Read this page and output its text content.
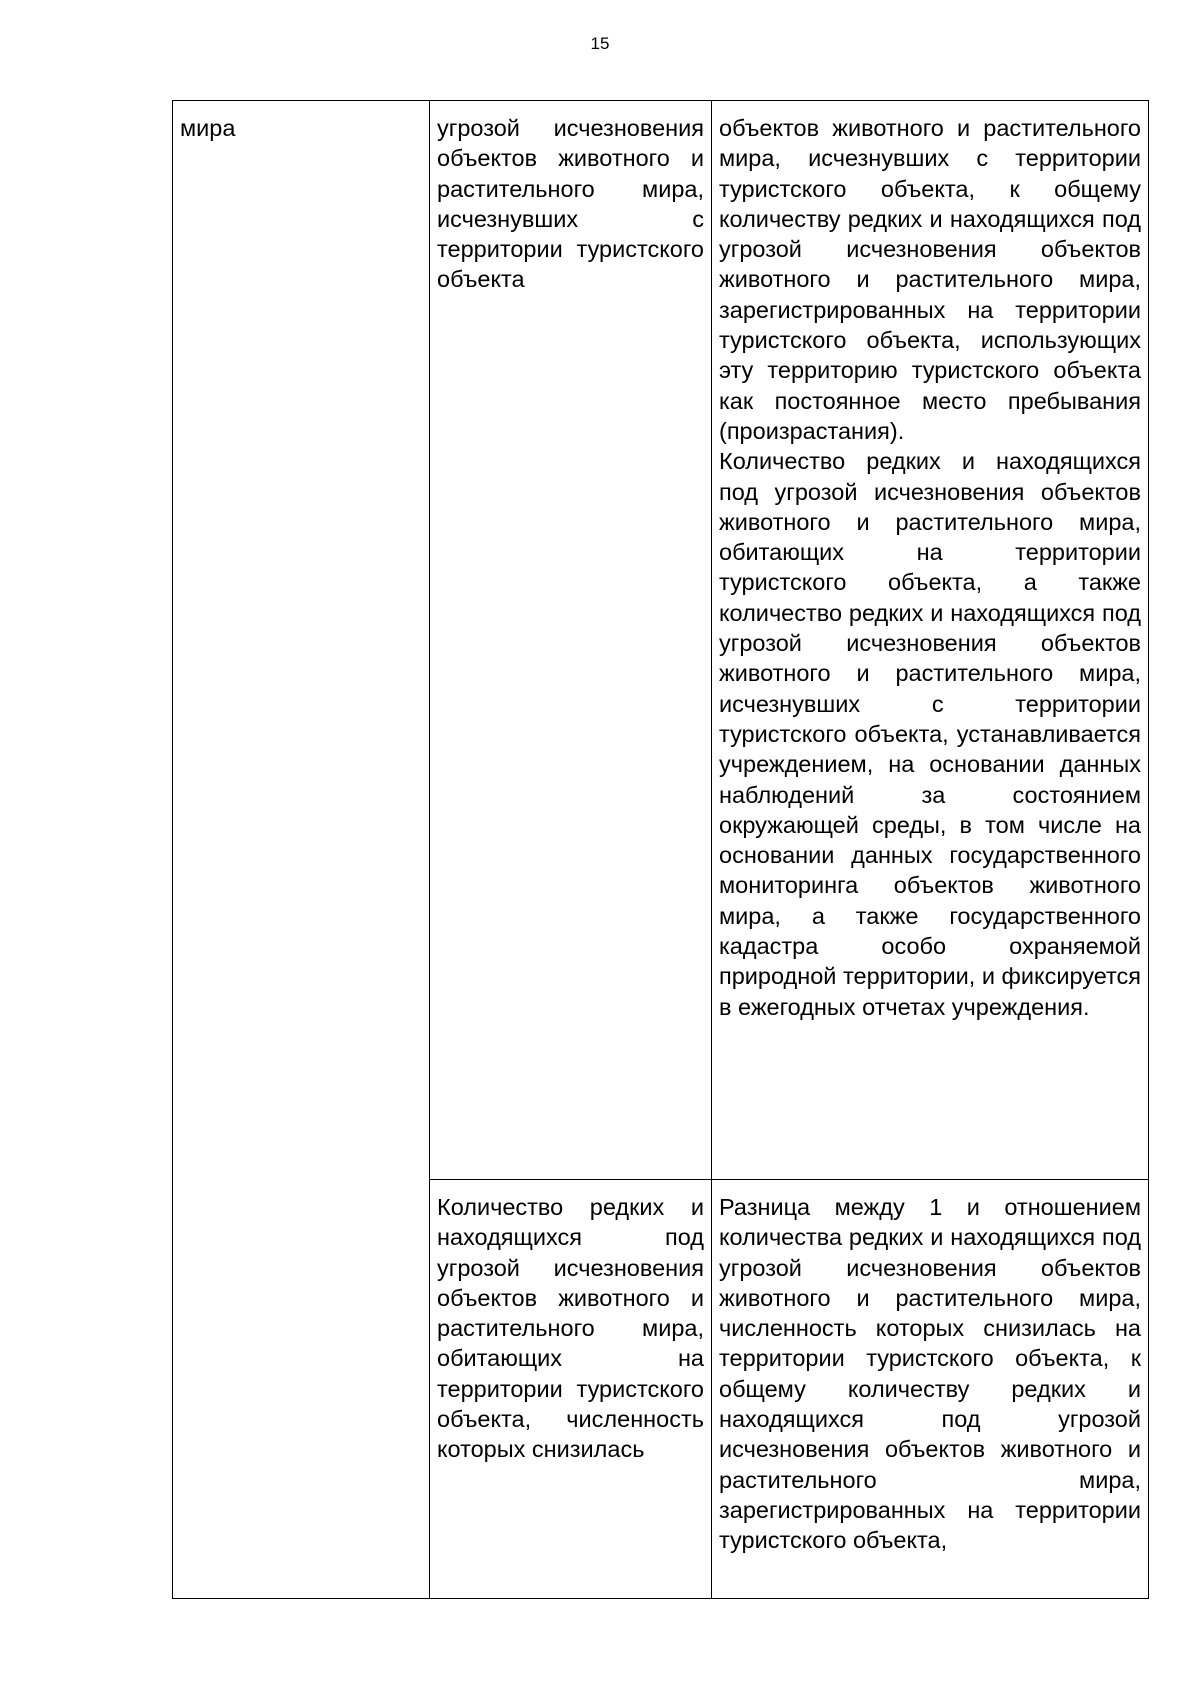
15
мира	угрозой исчезновения объектов животного и растительного мира, исчезнувших с территории туристского объекта	объектов животного и растительного мира, исчезнувших с территории туристского объекта, к общему количеству редких и находящихся под угрозой исчезновения объектов животного и растительного мира, зарегистрированных на территории туристского объекта, использующих эту территорию туристского объекта как постоянное место пребывания (произрастания).
Количество редких и находящихся под угрозой исчезновения объектов животного и растительного мира, обитающих на территории туристского объекта, а также количество редких и находящихся под угрозой исчезновения объектов животного и растительного мира, исчезнувших с территории туристского объекта, устанавливается учреждением, на основании данных наблюдений за состоянием окружающей среды, в том числе на основании данных государственного мониторинга объектов животного мира, а также государственного кадастра особо охраняемой природной территории, и фиксируется в ежегодных отчетах учреждения.

	Количество редких и находящихся под угрозой исчезновения объектов животного и растительного мира, обитающих на территории туристского объекта, численность которых снизилась	Разница между 1 и отношением количества редких и находящихся под угрозой исчезновения объектов животного и растительного мира, численность которых снизилась на территории туристского объекта, к общему количеству редких и находящихся под угрозой исчезновения объектов животного и растительного мира, зарегистрированных на территории туристского объекта,
